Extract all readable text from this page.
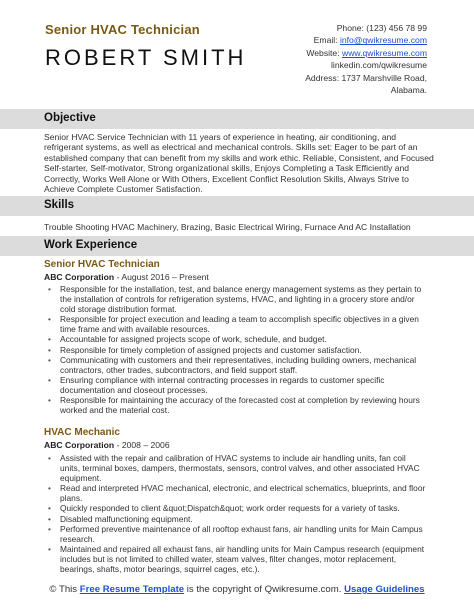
Senior HVAC Technician
ROBERT SMITH
Phone: (123) 456 78 99
Email: info@qwikresume.com
Website: www.qwikresume.com
linkedin.com/qwikresume
Address: 1737 Marshville Road,
Alabama.
Objective
Senior HVAC Service Technician with 11 years of experience in heating, air conditioning, and refrigerant systems, as well as electrical and mechanical controls. Skills set: Eager to be part of an established company that can benefit from my skills and work ethic. Reliable, Consistent, and Focused Self-starter, Self-motivator, Strong organizational skills, Enjoys Completing a Task Efficiently and Correctly, Works Well Alone or With Others, Excellent Conflict Resolution Skills, Always Strive to Achieve Complete Customer Satisfaction.
Skills
Trouble Shooting HVAC Machinery, Brazing, Basic Electrical Wiring, Furnace And AC Installation
Work Experience
Senior HVAC Technician
ABC Corporation - August 2016 – Present
• Responsible for the installation, test, and balance energy management systems as they pertain to the installation of controls for refrigeration systems, HVAC, and lighting in a grocery store and/or cold storage distribution format.
• Responsible for project execution and leading a team to accomplish specific objectives in a given time frame and with available resources.
• Accountable for assigned projects scope of work, schedule, and budget.
• Responsible for timely completion of assigned projects and customer satisfaction.
• Communicating with customers and their representatives, including building owners, mechanical contractors, other trades, subcontractors, and field support staff.
• Ensuring compliance with internal contracting processes in regards to customer specific documentation and closeout processes.
• Responsible for maintaining the accuracy of the forecasted cost at completion by reviewing hours worked and the material cost.
HVAC Mechanic
ABC Corporation - 2008 – 2006
• Assisted with the repair and calibration of HVAC systems to include air handling units, fan coil units, terminal boxes, dampers, thermostats, sensors, control valves, and other associated HVAC equipment.
• Read and interpreted HVAC mechanical, electronic, and electrical schematics, blueprints, and floor plans.
• Quickly responded to client &quot;Dispatch&quot; work order requests for a variety of tasks.
• Disabled malfunctioning equipment.
• Performed preventive maintenance of all rooftop exhaust fans, air handling units for Main Campus research.
• Maintained and repaired all exhaust fans, air handling units for Main Campus research (equipment includes but is not limited to chilled water, steam valves, filter changes, motor replacement, bearings, shafts, motor bearings, squirrel cages, etc.).
© This Free Resume Template is the copyright of Qwikresume.com. Usage Guidelines
